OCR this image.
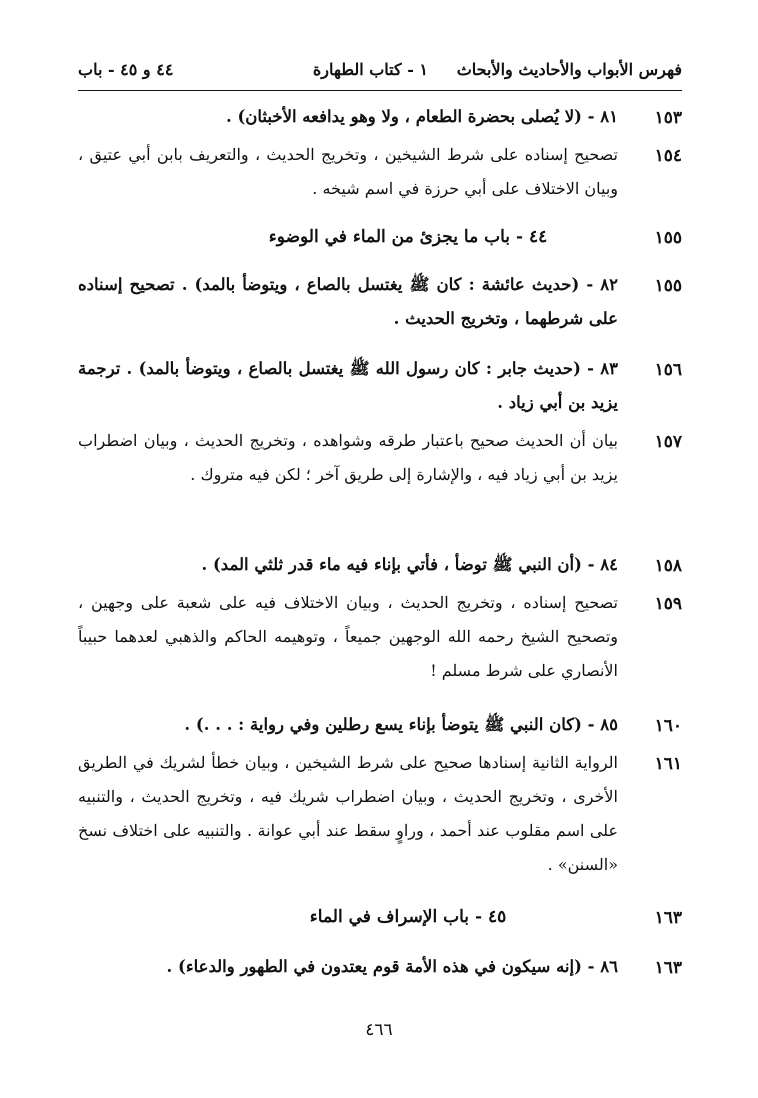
فهرس الأبواب والأحاديث والأبحاث
١ - كتاب الطهارة
٤٤ و ٤٥ - باب
١٥٣
٨١ - (لا يُصلى بحضرة الطعام ، ولا وهو يدافعه الأخبثان) .
١٥٤
تصحيح إسناده على شرط الشيخين ، وتخريج الحديث ، والتعريف بابن أبي عتيق ، وبيان الاختلاف على أبي حرزة في اسم شيخه .
١٥٥
٤٤ - باب ما يجزئ من الماء في الوضوء
١٥٥
٨٢ - (حديث عائشة : كان ﷺ يغتسل بالصاع ، ويتوضأ بالمد) . تصحيح إسناده على شرطهما ، وتخريج الحديث .
١٥٦
٨٣ - (حديث جابر : كان رسول الله ﷺ يغتسل بالصاع ، ويتوضأ بالمد) . ترجمة يزيد بن أبي زياد .
١٥٧
بيان أن الحديث صحيح باعتبار طرقه وشواهده ، وتخريج الحديث ، وبيان اضطراب يزيد بن أبي زياد فيه ، والإشارة إلى طريق آخر ؛ لكن فيه متروك .
١٥٨
٨٤ - (أن النبي ﷺ توضأ ، فأتي بإناء فيه ماء قدر ثلثي المد) .
١٥٩
تصحيح إسناده ، وتخريج الحديث ، وبيان الاختلاف فيه على شعبة على وجهين ، وتصحيح الشيخ رحمه الله الوجهين جميعاً ، وتوهيمه الحاكم والذهبي لعدهما حبيباً الأنصاري على شرط مسلم !
١٦٠
٨٥ - (كان النبي ﷺ يتوضأ بإناء يسع رطلين وفي رواية : . . .) .
١٦١
الرواية الثانية إسنادها صحيح على شرط الشيخين ، وبيان خطأ لشريك في الطريق الأخرى ، وتخريج الحديث ، وبيان اضطراب شريك فيه ، وتخريج الحديث ، والتنبيه على اسم مقلوب عند أحمد ، وراوٍ سقط عند أبي عوانة . والتنبيه على اختلاف نسخ «السنن» .
١٦٣
٤٥ - باب الإسراف في الماء
١٦٣
٨٦ - (إنه سيكون في هذه الأمة قوم يعتدون في الطهور والدعاء) .
٤٦٦
